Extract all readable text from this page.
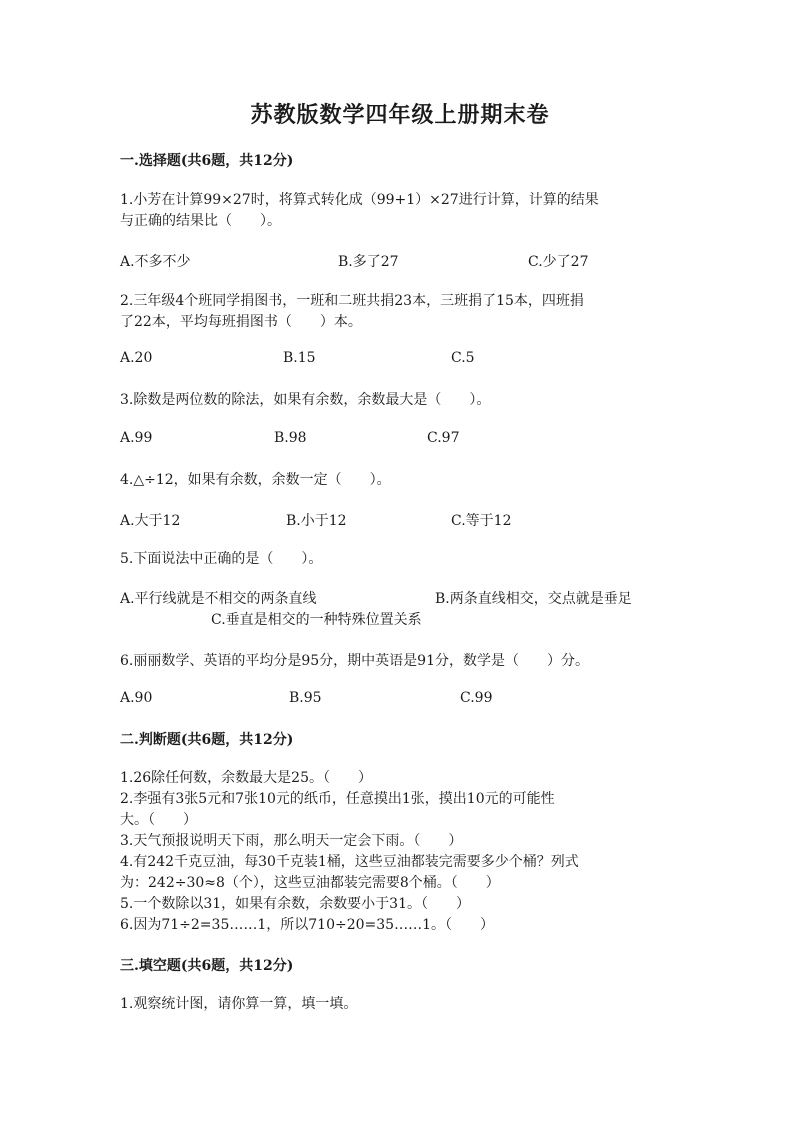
苏教版数学四年级上册期末卷
一.选择题(共6题，共12分)
1.小芳在计算99×27时，将算式转化成（99+1）×27进行计算，计算的结果
与正确的结果比（　　）。
A.不多不少	B.多了27	C.少了27
2.三年级4个班同学捐图书，一班和二班共捐23本，三班捐了15本，四班捐
了22本，平均每班捐图书（　　）本。
A.20	B.15	C.5
3.除数是两位数的除法，如果有余数，余数最大是（　　）。
A.99	B.98	C.97
4.△÷12，如果有余数，余数一定（　　）。
A.大于12	B.小于12	C.等于12
5.下面说法中正确的是（　　）。
A.平行线就是不相交的两条直线	B.两条直线相交，交点就是垂足
C.垂直是相交的一种特殊位置关系
6.丽丽数学、英语的平均分是95分，期中英语是91分，数学是（　　）分。
A.90	B.95	C.99
二.判断题(共6题，共12分)
1.26除任何数，余数最大是25。（　　）
2.李强有3张5元和7张10元的纸币，任意摸出1张，摸出10元的可能性
大。（　　）
3.天气预报说明天下雨，那么明天一定会下雨。（　　）
4.有242千克豆油，每30千克装1桶，这些豆油都装完需要多少个桶？列式
为：242÷30≈8（个），这些豆油都装完需要8个桶。（　　）
5.一个数除以31，如果有余数，余数要小于31。（　　）
6.因为71÷2=35……1，所以710÷20=35……1。（　　）
三.填空题(共6题，共12分)
1.观察统计图，请你算一算，填一填。
